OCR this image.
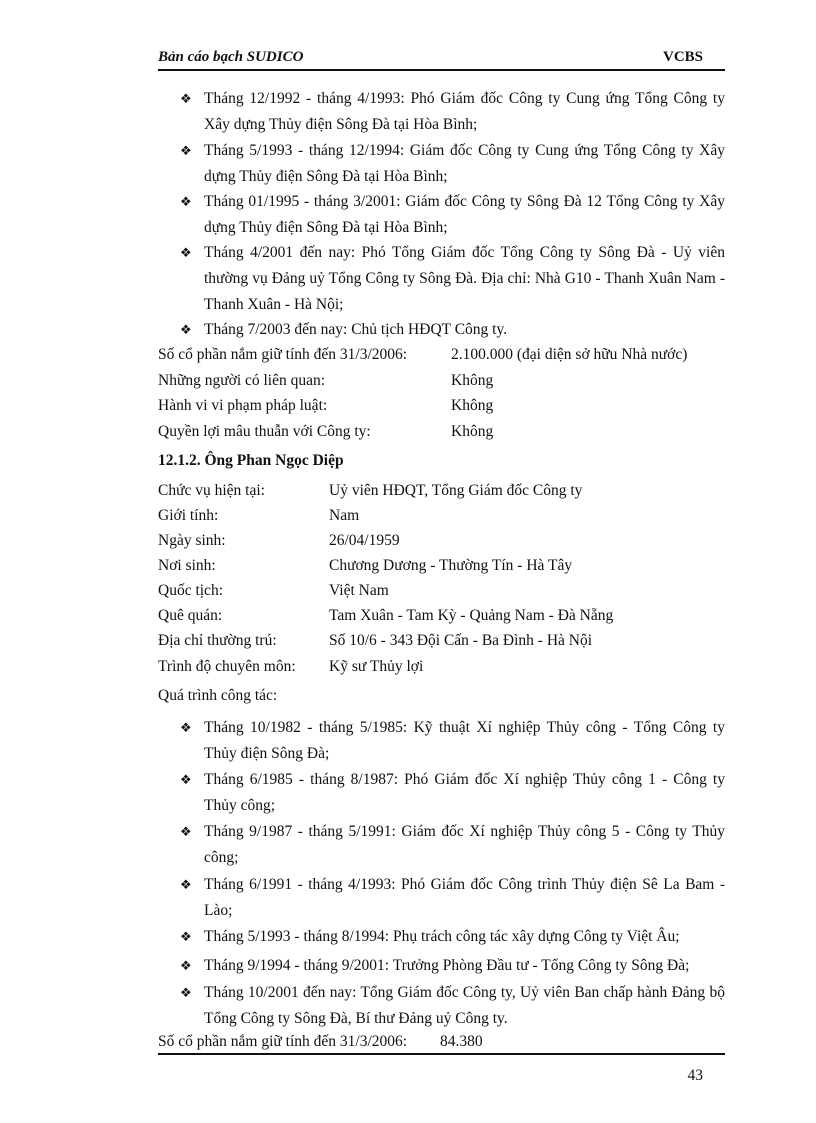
Bản cáo bạch SUDICO	VCBS
❖ Tháng 12/1992 - tháng 4/1993: Phó Giám đốc Công ty Cung ứng Tổng Công ty Xây dựng Thủy điện Sông Đà tại Hòa Bình;
❖ Tháng 5/1993 - tháng 12/1994: Giám đốc Công ty Cung ứng Tổng Công ty Xây dựng Thủy điện Sông Đà tại Hòa Bình;
❖ Tháng 01/1995 - tháng 3/2001: Giám đốc Công ty Sông Đà 12 Tổng Công ty Xây dựng Thủy điện Sông Đà tại Hòa Bình;
❖ Tháng 4/2001 đến nay: Phó Tổng Giám đốc Tổng Công ty Sông Đà - Uỷ viên thường vụ Đảng uỷ Tổng Công ty Sông Đà. Địa chỉ: Nhà G10 - Thanh Xuân Nam - Thanh Xuân - Hà Nội;
❖ Tháng 7/2003 đến nay: Chủ tịch HĐQT Công ty.
Số cổ phần nắm giữ tính đến 31/3/2006:	2.100.000 (đại diện sở hữu Nhà nước)
Những người có liên quan:	Không
Hành vi vi phạm pháp luật:	Không
Quyền lợi mâu thuẫn với Công ty:	Không
12.1.2. Ông Phan Ngọc Diệp
Chức vụ hiện tại:	Uỷ viên HĐQT, Tổng Giám đốc Công ty
Giới tính:	Nam
Ngày sinh:	26/04/1959
Nơi sinh:	Chương Dương - Thường Tín - Hà Tây
Quốc tịch:	Việt Nam
Quê quán:	Tam Xuân - Tam Kỳ - Quảng Nam - Đà Nẵng
Địa chỉ thường trú:	Số 10/6 - 343 Đội Cấn - Ba Đình - Hà Nội
Trình độ chuyên môn: Kỹ sư Thủy lợi
Quá trình công tác:
❖ Tháng 10/1982 - tháng 5/1985: Kỹ thuật Xí nghiệp Thủy công - Tổng Công ty Thủy điện Sông Đà;
❖ Tháng 6/1985 - tháng 8/1987: Phó Giám đốc Xí nghiệp Thủy công 1 - Công ty Thủy công;
❖ Tháng 9/1987 - tháng 5/1991: Giám đốc Xí nghiệp Thủy công 5 - Công ty Thủy công;
❖ Tháng 6/1991 - tháng 4/1993: Phó Giám đốc Công trình Thủy điện Sê La Bam - Lào;
❖ Tháng 5/1993 - tháng 8/1994: Phụ trách công tác xây dựng Công ty Việt Âu;
❖ Tháng 9/1994 - tháng 9/2001: Trưởng Phòng Đầu tư - Tổng Công ty Sông Đà;
❖ Tháng 10/2001 đến nay: Tổng Giám đốc Công ty, Uỷ viên Ban chấp hành Đảng bộ Tổng Công ty Sông Đà, Bí thư Đảng uỷ Công ty.
Số cổ phần nắm giữ tính đến 31/3/2006: 84.380
43
